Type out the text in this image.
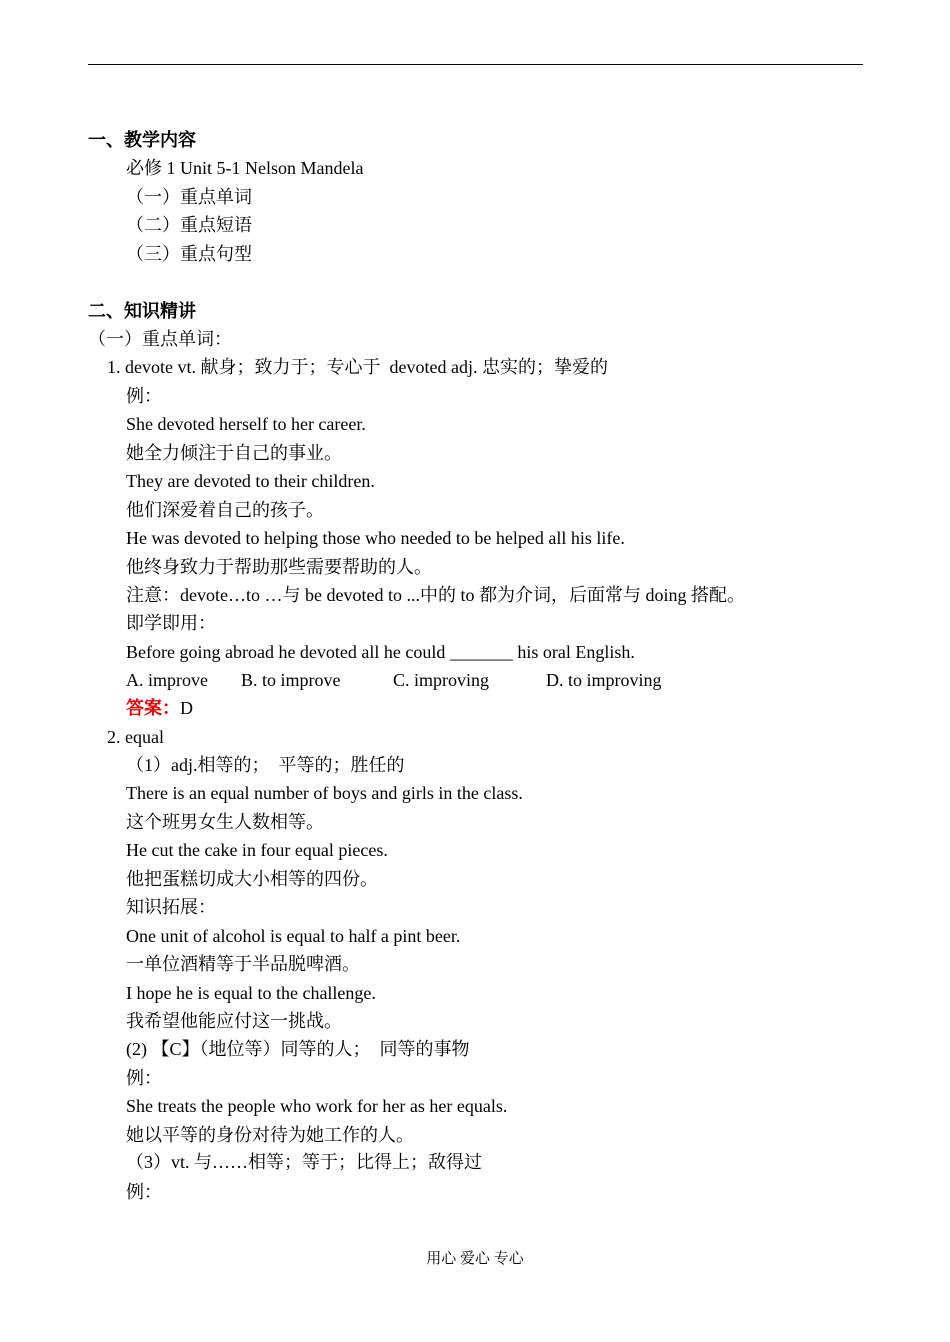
一、教学内容
必修 1 Unit 5-1 Nelson Mandela
（一）重点单词
（二）重点短语
（三）重点句型
二、知识精讲
（一）重点单词：
1. devote vt. 献身；致力于；专心于  devoted adj. 忠实的；挚爱的
例：
She devoted herself to her career.
她全力倾注于自己的事业。
They are devoted to their children.
他们深爱着自己的孩子。
He was devoted to helping those who needed to be helped all his life.
他终身致力于帮助那些需要帮助的人。
注意：devote…to …与 be devoted to ...中的 to 都为介词，后面常与 doing 搭配。
即学即用：
Before going abroad he devoted all he could _______ his oral English.
A. improve B. to improve	C. improving	D. to improving
答案：D
2. equal
（1）adj.相等的；  平等的；胜任的
There is an equal number of boys and girls in the class.
这个班男女生人数相等。
He cut the cake in four equal pieces.
他把蛋糕切成大小相等的四份。
知识拓展：
One unit of alcohol is equal to half a pint beer.
一单位酒精等于半品脱啤酒。
I hope he is equal to the challenge.
我希望他能应付这一挑战。
(2) 【C】（地位等）同等的人；  同等的事物
例：
She treats the people who work for her as her equals.
她以平等的身份对待为她工作的人。
（3）vt. 与……相等；等于；比得上；敌得过
例：
用心 爱心 专心
